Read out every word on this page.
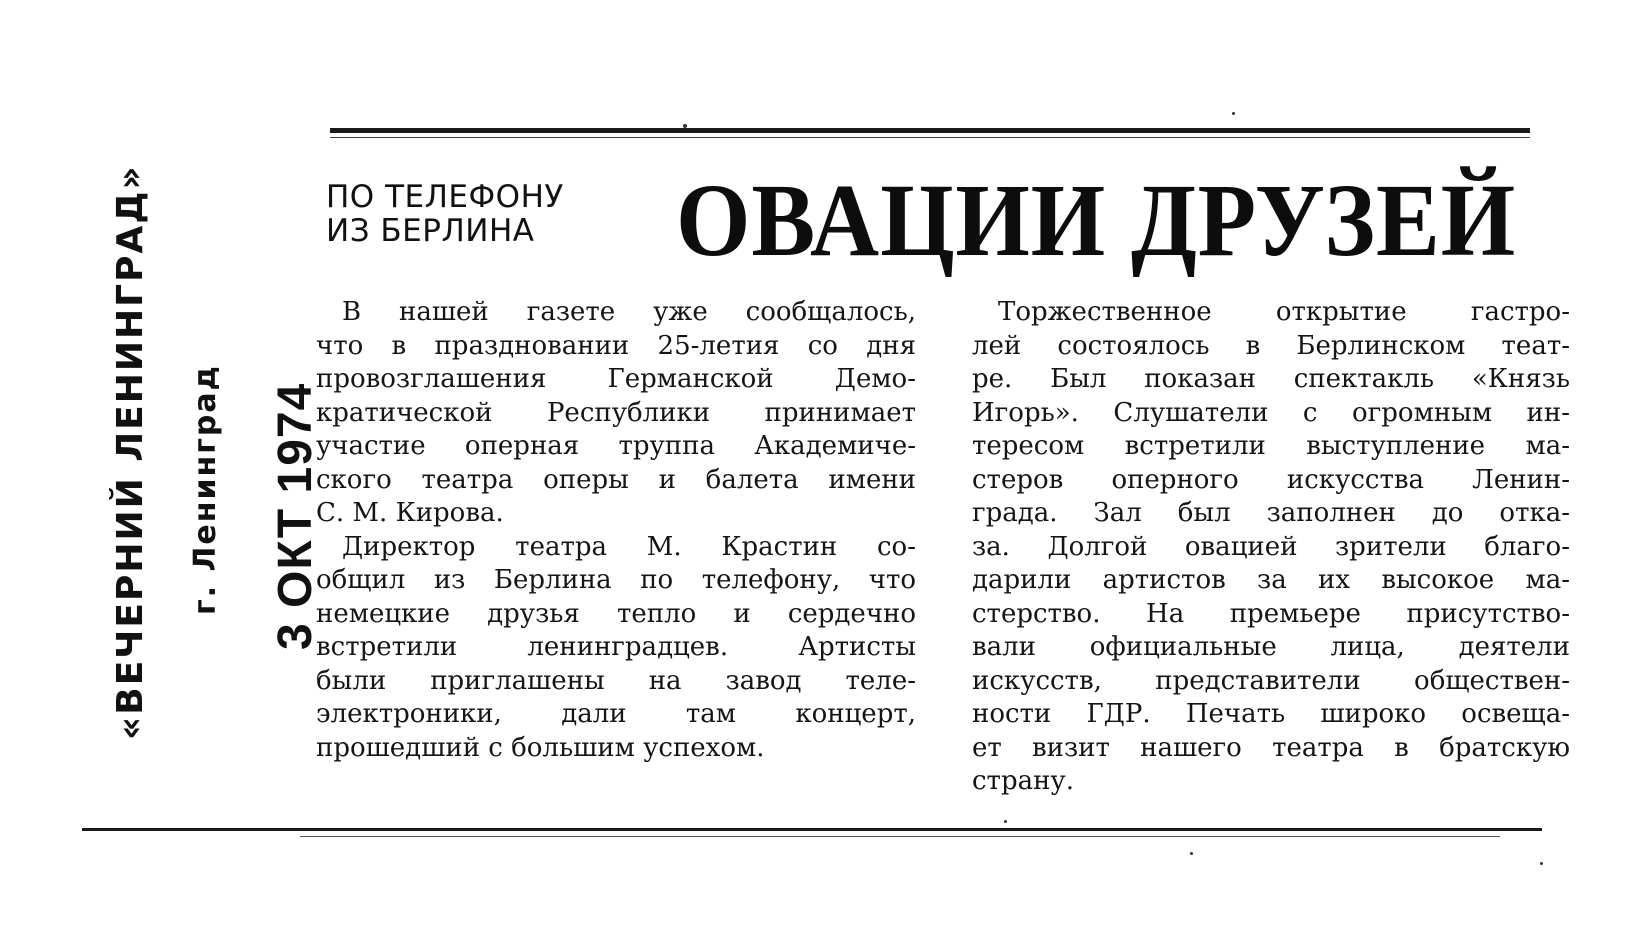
ПО ТЕЛЕФОНУ
ИЗ БЕРЛИНА	ОВАЦИИ ДРУЗЕЙ
В нашей газете уже сообщалось,
что в праздновании 25-летия со дня
провозглашения Германской Демо-
кратической Республики принимает
участие оперная труппа Академиче-
ского театра оперы и балета имени
С. М. Кирова.
Директор театра М. Крастин со-
общил из Берлина по телефону, что
немецкие друзья тепло и сердечно
встретили ленинградцев. Артисты
были приглашены на завод теле-
электроники, дали там концерт,
прошедший с большим успехом.
Торжественное открытие гастро-
лей состоялось в Берлинском теат-
ре. Был показан спектакль «Князь
Игорь». Слушатели с огромным ин-
тересом встретили выступление ма-
стеров оперного искусства Ленин-
града. Зал был заполнен до отка-
за. Долгой овацией зрители благо-
дарили артистов за их высокое ма-
стерство. На премьере присутство-
вали официальные лица, деятели
искусств, представители обществен-
ности ГДР. Печать широко освеща-
ет визит нашего театра в братскую
страну.
«ВЕЧЕРНИЙ ЛЕНИНГРАД» г. Ленинград 3 ОКТ 1974
